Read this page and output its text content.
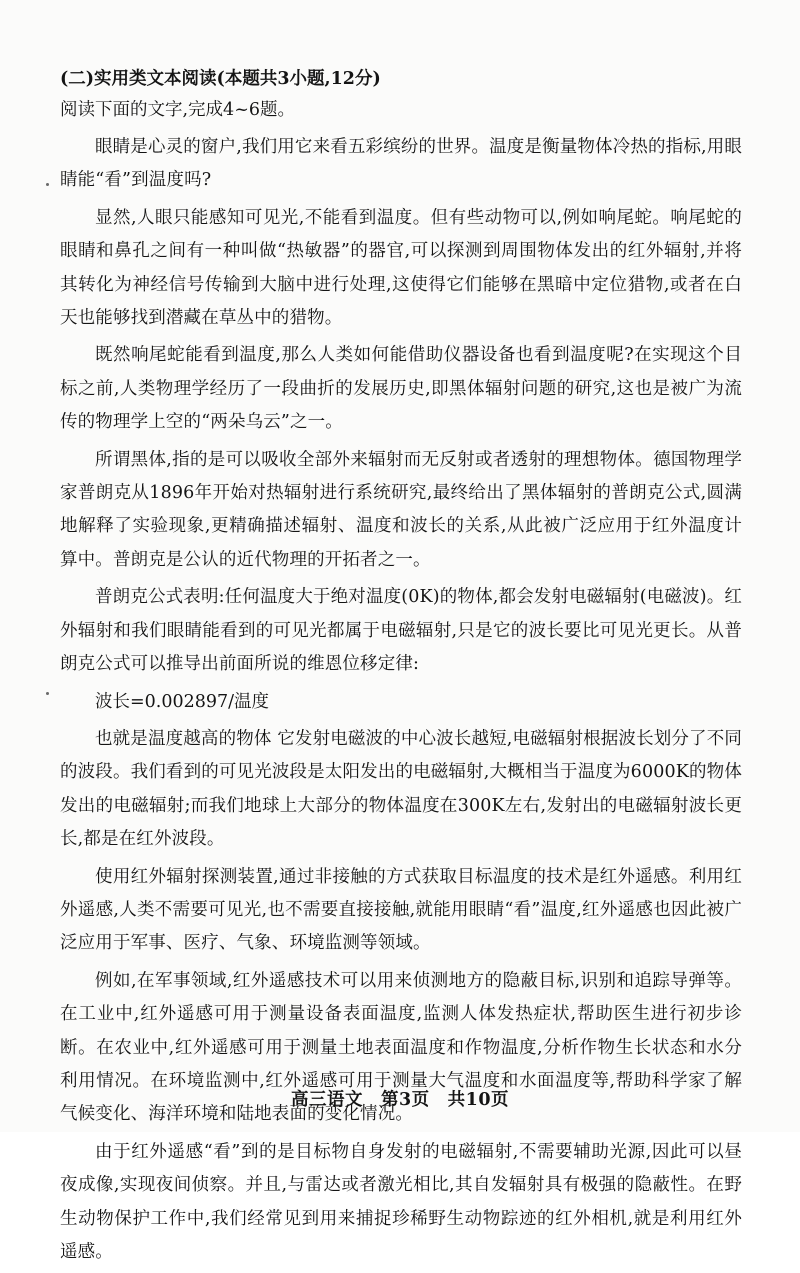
(二)实用类文本阅读(本题共3小题,12分)

阅读下面的文字,完成4~6题。

眼睛是心灵的窗户,我们用它来看五彩缤纷的世界。温度是衡量物体冷热的指标,用眼睛能“看”到温度吗?

显然,人眼只能感知可见光,不能看到温度。但有些动物可以,例如响尾蛇。响尾蛇的眼睛和鼻孔之间有一种叫做“热敏器”的器官,可以探测到周围物体发出的红外辐射,并将其转化为神经信号传输到大脑中进行处理,这使得它们能够在黑暗中定位猎物,或者在白天也能够找到潜藏在草丛中的猎物。

既然响尾蛇能看到温度,那么人类如何能借助仪器设备也看到温度呢?在实现这个目标之前,人类物理学经历了一段曲折的发展历史,即黑体辐射问题的研究,这也是被广为流传的物理学上空的“两朵乌云”之一。

所谓黑体,指的是可以吸收全部外来辐射而无反射或者透射的理想物体。德国物理学家普朗克从1896年开始对热辐射进行系统研究,最终给出了黑体辐射的普朗克公式,圆满地解释了实验现象,更精确描述辐射、温度和波长的关系,从此被广泛应用于红外温度计算中。普朗克是公认的近代物理的开拓者之一。

普朗克公式表明:任何温度大于绝对温度(0K)的物体,都会发射电磁辐射(电磁波)。红外辐射和我们眼睛能看到的可见光都属于电磁辐射,只是它的波长要比可见光更长。从普朗克公式可以推导出前面所说的维恩位移定律:

波长=0.002897/温度

也就是温度越高的物体 它发射电磁波的中心波长越短,电磁辐射根据波长划分了不同的波段。我们看到的可见光波段是太阳发出的电磁辐射,大概相当于温度为6000K的物体发出的电磁辐射;而我们地球上大部分的物体温度在300K左右,发射出的电磁辐射波长更长,都是在红外波段。

使用红外辐射探测装置,通过非接触的方式获取目标温度的技术是红外遥感。利用红外遥感,人类不需要可见光,也不需要直接接触,就能用眼睛“看”温度,红外遥感也因此被广泛应用于军事、医疗、气象、环境监测等领域。

例如,在军事领域,红外遥感技术可以用来侦测地方的隐蔽目标,识别和追踪导弹等。在工业中,红外遥感可用于测量设备表面温度,监测人体发热症状,帮助医生进行初步诊断。在农业中,红外遥感可用于测量土地表面温度和作物温度,分析作物生长状态和水分利用情况。在环境监测中,红外遥感可用于测量大气温度和水面温度等,帮助科学家了解气候变化、海洋环境和陆地表面的变化情况。

由于红外遥感“看”到的是目标物自身发射的电磁辐射,不需要辅助光源,因此可以昼夜成像,实现夜间侦察。并且,与雷达或者激光相比,其自发辐射具有极强的隐蔽性。在野生动物保护工作中,我们经常见到用来捕捉珍稀野生动物踪迹的红外相机,就是利用红外遥感。

高三语文　第3页　共10页
